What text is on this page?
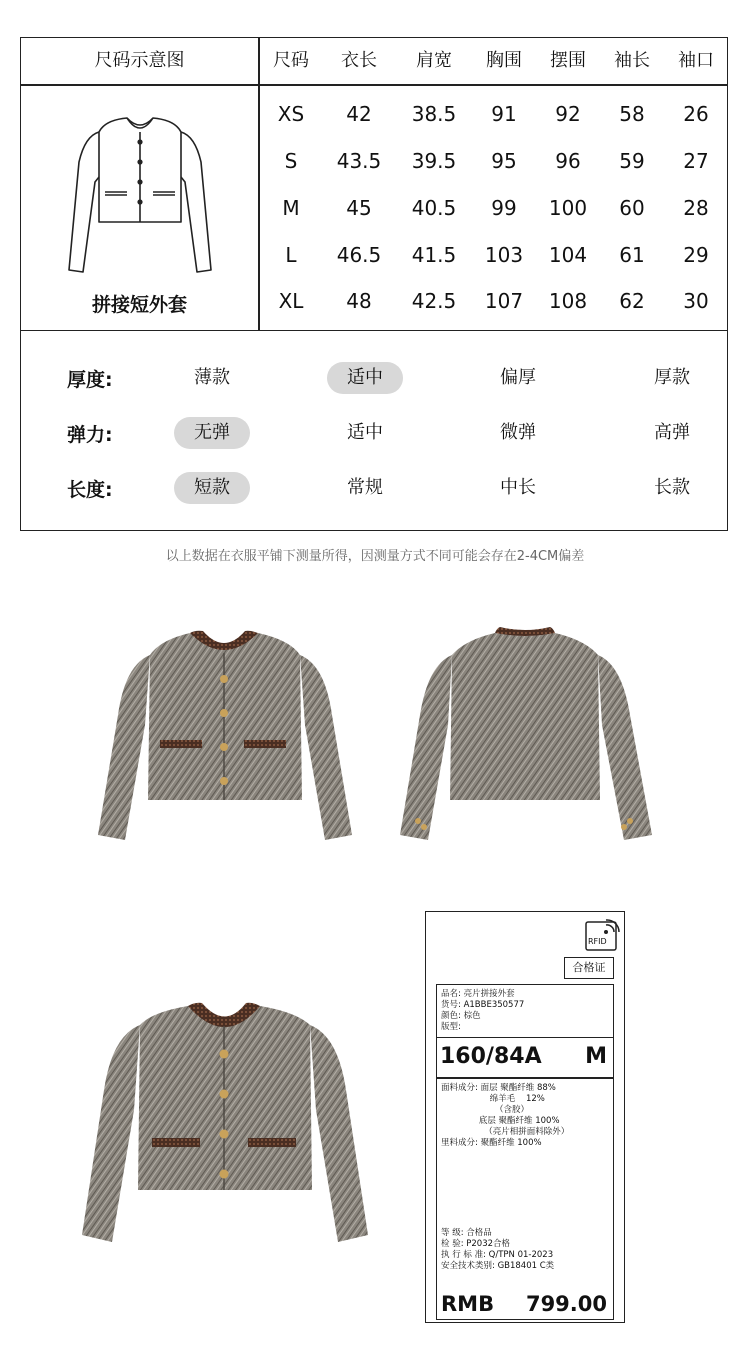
尺码示意图
拼接短外套
尺码	衣长	肩宽	胸围	摆围	袖长	袖口
XS	42	38.5	91	92	58	26
S	43.5	39.5	95	96	59	27
M	45	40.5	99	100	60	28
L	46.5	41.5	103	104	61	29
XL	48	42.5	107	108	62	30
厚度:	薄款	适中	偏厚	厚款
弹力:	无弹	适中	微弹	高弹
长度:	短款	常规	中长	长款
以上数据在衣服平铺下测量所得，因测量方式不同可能会存在2-4CM偏差
RFID
合格证
品名: 亮片拼接外套
货号: A1BBE350577
颜色: 棕色
版型:
160/84A M
面料成分: 面层 聚酯纤维 88%
绵羊毛    12%
（含胶）
底层 聚酯纤维 100%
（亮片相拼面料除外）
里料成分: 聚酯纤维 100%
等 级: 合格品
检 验: P2032合格
执 行 标 准: Q/TPN 01-2023
安全技术类别: GB18401 C类
RMB 799.00
